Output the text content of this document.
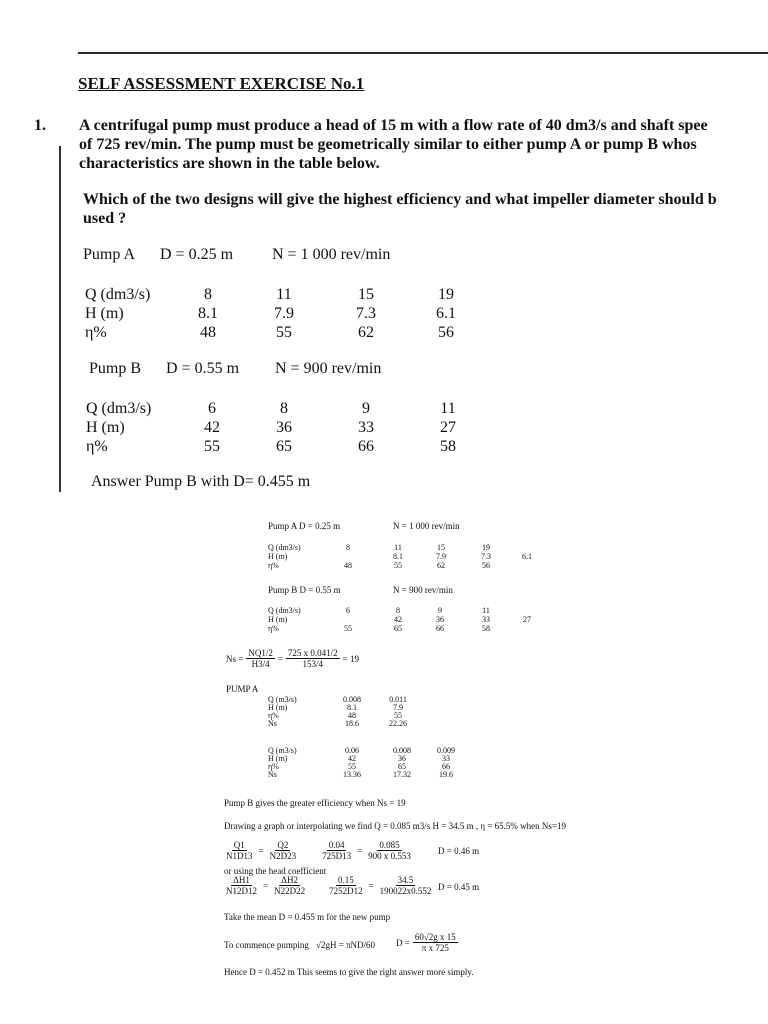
SELF ASSESSMENT EXERCISE No.1
1. A centrifugal pump must produce a head of 15 m with a flow rate of 40 dm3/s and shaft spee
of 725 rev/min. The pump must be geometrically similar to either pump A or pump B whos
characteristics are shown in the table below.
Which of the two designs will give the highest efficiency and what impeller diameter should b
used ?
Pump A D = 0.25 m N = 1 000 rev/min
Q (dm3/s)	8	11	15	19
H (m)	8.1	7.9	7.3	6.1
η%	48	55	62	56
Pump B D = 0.55 m N = 900 rev/min
Q (dm3/s)	6	8	9	11
H (m)	42	36	33	27
η%	55	65	66	58
Answer Pump B with D= 0.455 m
Pump A D = 0.25 m	N = 1 000 rev/min
Q (dm3/s)	8	11	15	19
H (m)	8.1	7.9	7.3	6.1
η%	48	55	62	56
Pump B D = 0.55 m	N = 900 rev/min
Q (dm3/s)	6	8	9	11
H (m)	42	36	33	27
η%	55	65	66	58
$Ns = \frac{NQ1/2}{H3/4} = \frac{725 x 0.041/2}{153/4} = 19$
PUMP A
Q (m3/s)	0.008	0.011
H (m)	8.1	7.9
η%	48	55
Ns	18.6	22.26
Q (m3/s)	0.06	0.008	0.009
H (m)	42	36	33
η%	55	65	66
Ns	13.36	17.32	19.6
Pump B gives the greater efficiency when Ns = 19
Drawing a graph or interpolating we find Q = 0.085 m3/s H = 34.5 m , η = 65.5% when Ns=19
$\frac{Q1}{N1D13} = \frac{Q2}{N2D23} \frac{0.04}{725D13} = \frac{0.085}{900 x 0.553}$	D = 0.46 m
or using the head coefficient
$\frac{\Delta H1}{N12D12} = \frac{\Delta H2}{N22D22} \frac{0.15}{7252D12} = \frac{34.5}{190022x0.552}$ D = 0.45 m
Take the mean D = 0.455 m for the new pump
To commence pumping √2gH = πND/60 $D = \frac{\text{60√2g x 15}}{\text{π x 725}}$
Hence D = 0.452 m This seems to give the right answer more simply.
